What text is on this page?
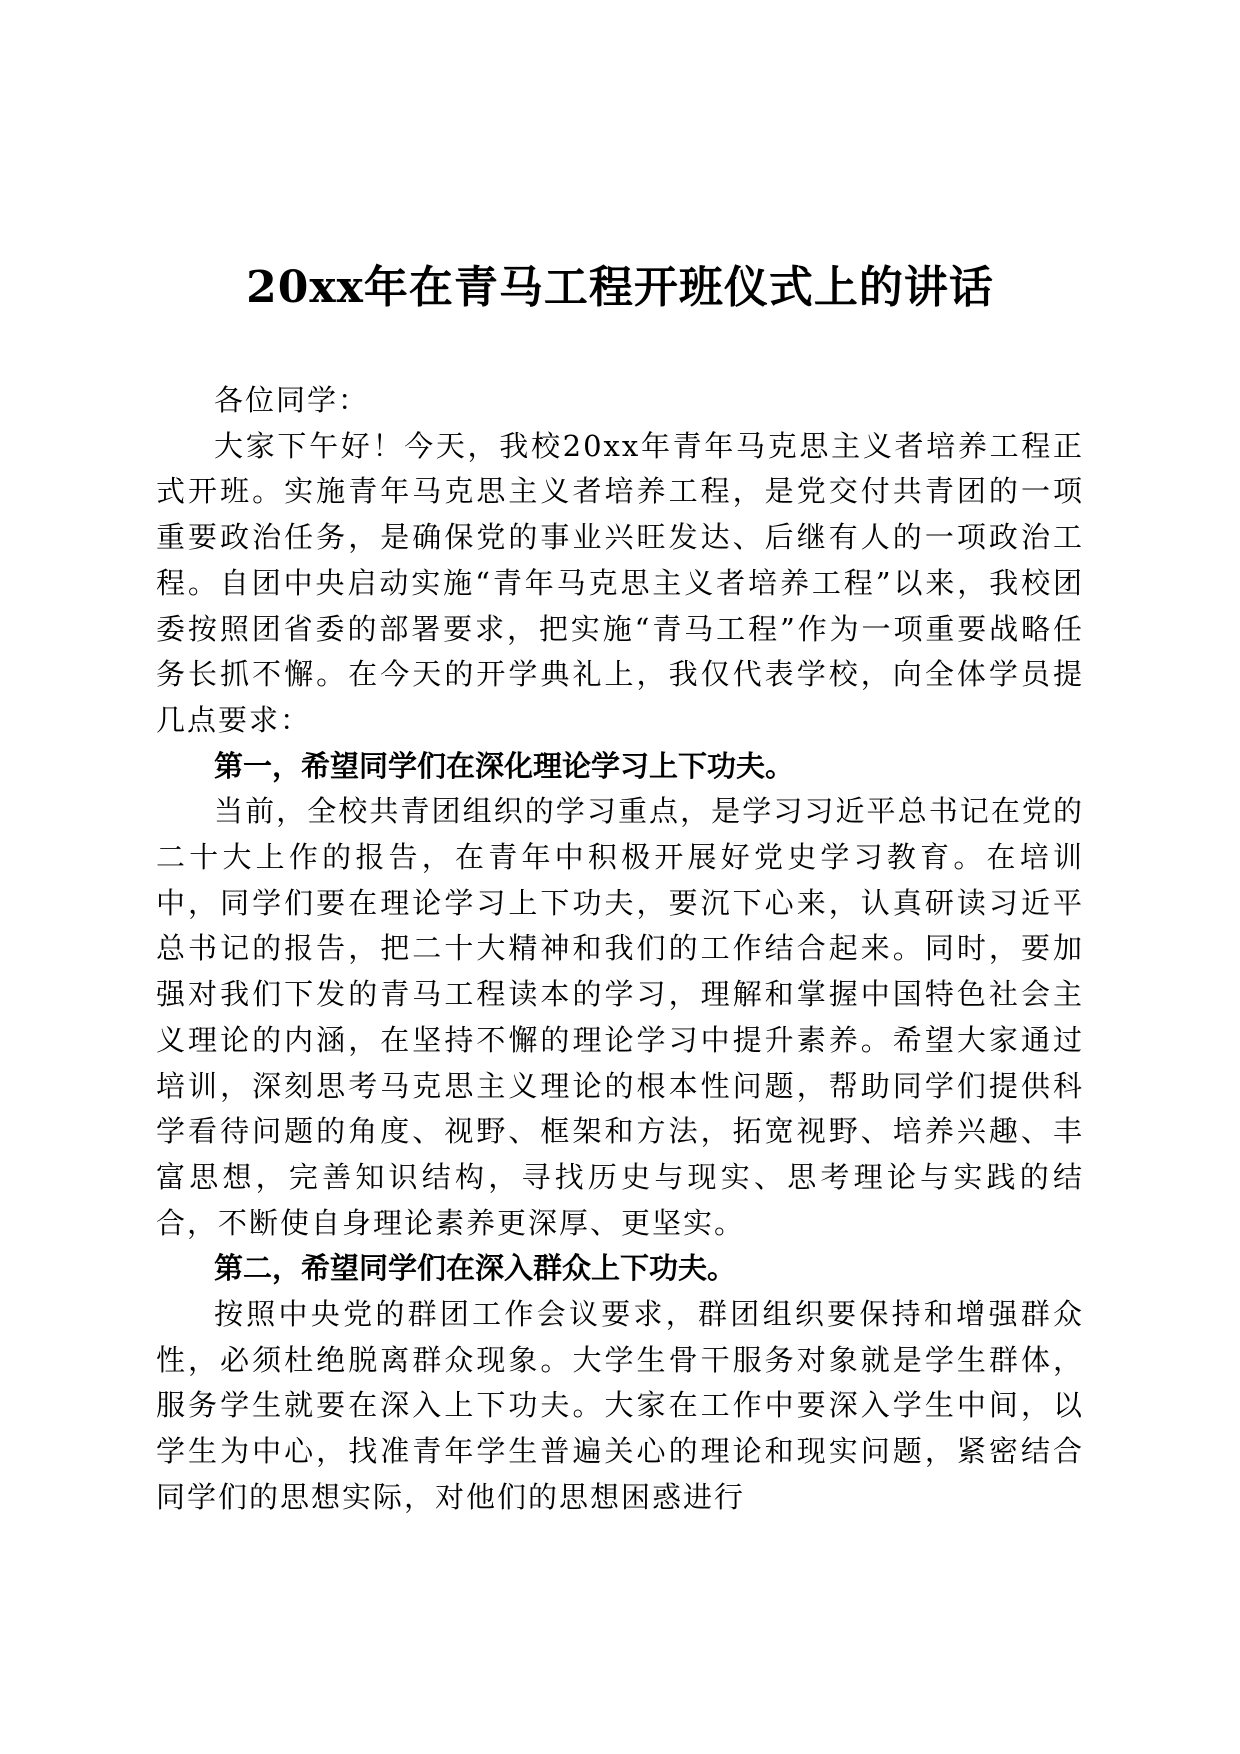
20xx年在青马工程开班仪式上的讲话

各位同学：

大家下午好！今天，我校20xx年青年马克思主义者培养工程正式开班。实施青年马克思主义者培养工程，是党交付共青团的一项重要政治任务，是确保党的事业兴旺发达、后继有人的一项政治工程。自团中央启动实施“青年马克思主义者培养工程”以来，我校团委按照团省委的部署要求，把实施“青马工程”作为一项重要战略任务长抓不懈。在今天的开学典礼上，我仅代表学校，向全体学员提几点要求：

第一，希望同学们在深化理论学习上下功夫。

当前，全校共青团组织的学习重点，是学习习近平总书记在党的二十大上作的报告，在青年中积极开展好党史学习教育。在培训中，同学们要在理论学习上下功夫，要沉下心来，认真研读习近平总书记的报告，把二十大精神和我们的工作结合起来。同时，要加强对我们下发的青马工程读本的学习，理解和掌握中国特色社会主义理论的内涵，在坚持不懈的理论学习中提升素养。希望大家通过培训，深刻思考马克思主义理论的根本性问题，帮助同学们提供科学看待问题的角度、视野、框架和方法，拓宽视野、培养兴趣、丰富思想，完善知识结构，寻找历史与现实、思考理论与实践的结合，不断使自身理论素养更深厚、更坚实。

第二，希望同学们在深入群众上下功夫。

按照中央党的群团工作会议要求，群团组织要保持和增强群众性，必须杜绝脱离群众现象。大学生骨干服务对象就是学生群体，服务学生就要在深入上下功夫。大家在工作中要深入学生中间，以学生为中心，找准青年学生普遍关心的理论和现实问题，紧密结合同学们的思想实际，对他们的思想困惑进行
